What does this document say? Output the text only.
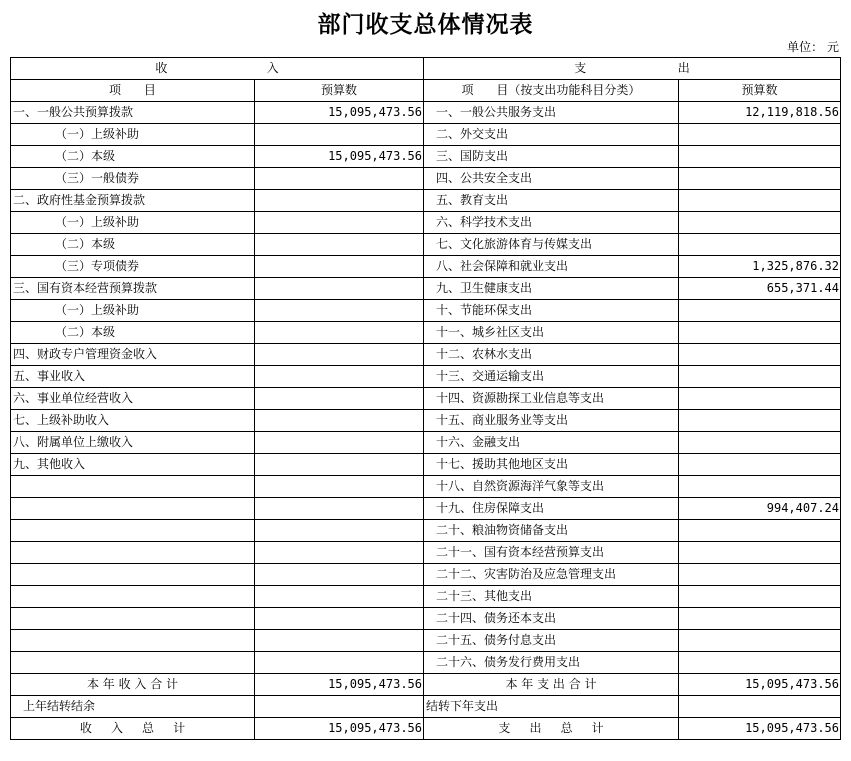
部门收支总体情况表
单位： 元
收                          入		支                        出	
项      目	预算数	项      目（按支出功能科目分类）	预算数
一、一般公共预算拨款	15,095,473.56	一、一般公共服务支出	12,119,818.56
（一）上级补助		二、外交支出	
（二）本级	15,095,473.56	三、国防支出	
（三）一般债券		四、公共安全支出	
二、政府性基金预算拨款		五、教育支出	
（一）上级补助		六、科学技术支出	
（二）本级		七、文化旅游体育与传媒支出	
（三）专项债券		八、社会保障和就业支出	1,325,876.32
三、国有资本经营预算拨款		九、卫生健康支出	655,371.44
（一）上级补助		十、节能环保支出	
（二）本级		十一、城乡社区支出	
四、财政专户管理资金收入		十二、农林水支出	
五、事业收入		十三、交通运输支出	
六、事业单位经营收入		十四、资源勘探工业信息等支出	
七、上级补助收入		十五、商业服务业等支出	
八、附属单位上缴收入		十六、金融支出	
九、其他收入		十七、援助其他地区支出	
		十八、自然资源海洋气象等支出	
		十九、住房保障支出	994,407.24
		二十、粮油物资储备支出	
		二十一、国有资本经营预算支出	
		二十二、灾害防治及应急管理支出	
		二十三、其他支出	
		二十四、债务还本支出	
		二十五、债务付息支出	
		二十六、债务发行费用支出	
本 年 收 入 合 计	15,095,473.56	本 年 支 出 合 计	15,095,473.56
上年结转结余		结转下年支出	
收     入     总     计	15,095,473.56	支     出     总     计	15,095,473.56
